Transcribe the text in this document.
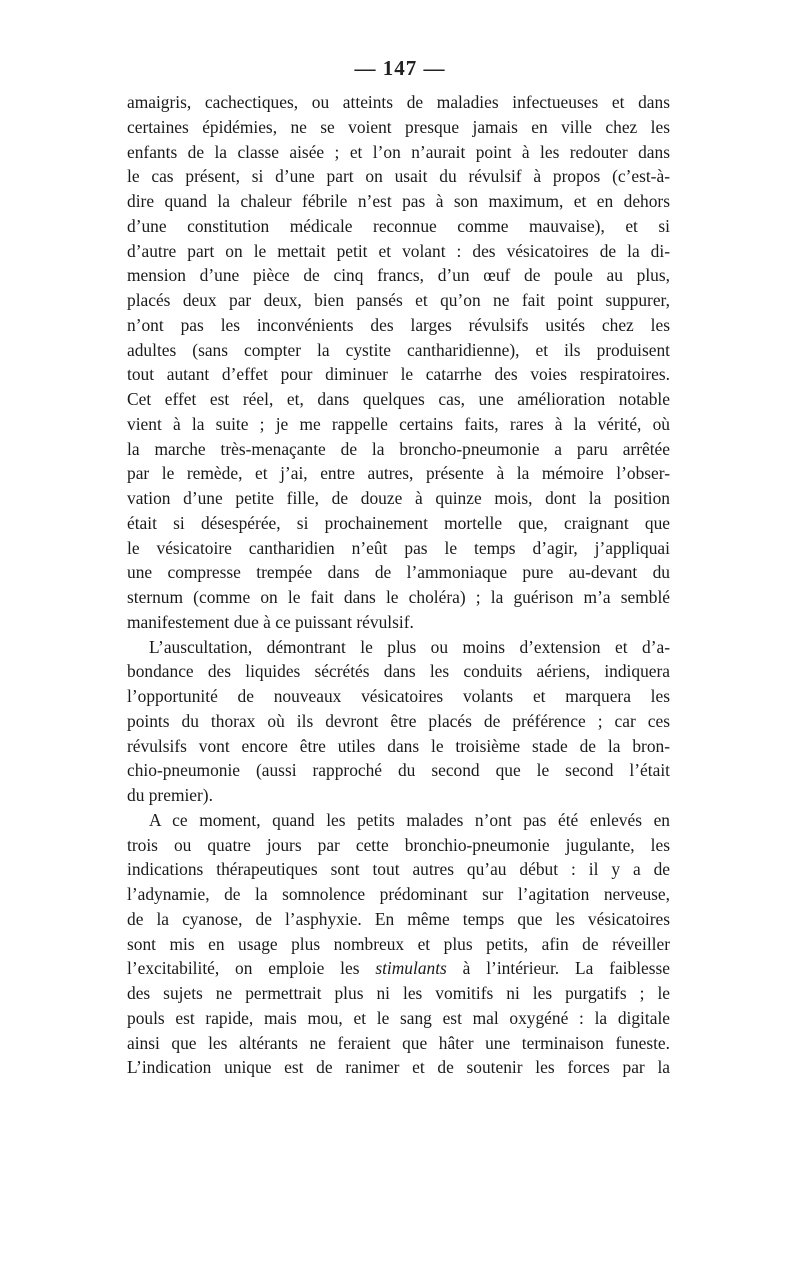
— 147 —
amaigris, cachectiques, ou atteints de maladies infectueuses et dans
certaines épidémies, ne se voient presque jamais en ville chez les
enfants de la classe aisée ; et l’on n’aurait point à les redouter dans
le cas présent, si d’une part on usait du révulsif à propos (c’est-à-
dire quand la chaleur fébrile n’est pas à son maximum, et en dehors
d’une constitution médicale reconnue comme mauvaise), et si
d’autre part on le mettait petit et volant : des vésicatoires de la di-
mension d’une pièce de cinq francs, d’un œuf de poule au plus,
placés deux par deux, bien pansés et qu’on ne fait point suppurer,
n’ont pas les inconvénients des larges révulsifs usités chez les
adultes (sans compter la cystite cantharidienne), et ils produisent
tout autant d’effet pour diminuer le catarrhe des voies respiratoires.
Cet effet est réel, et, dans quelques cas, une amélioration notable
vient à la suite ; je me rappelle certains faits, rares à la vérité, où
la marche très-menaçante de la broncho-pneumonie a paru arrêtée
par le remède, et j’ai, entre autres, présente à la mémoire l’obser-
vation d’une petite fille, de douze à quinze mois, dont la position
était si désespérée, si prochainement mortelle que, craignant que
le vésicatoire cantharidien n’eût pas le temps d’agir, j’appliquai
une compresse trempée dans de l’ammoniaque pure au-devant du
sternum (comme on le fait dans le choléra) ; la guérison m’a semblé
manifestement due à ce puissant révulsif.
L’auscultation, démontrant le plus ou moins d’extension et d’a-
bondance des liquides sécrétés dans les conduits aériens, indiquera
l’opportunité de nouveaux vésicatoires volants et marquera les
points du thorax où ils devront être placés de préférence ; car ces
révulsifs vont encore être utiles dans le troisième stade de la bron-
chio-pneumonie (aussi rapproché du second que le second l’était
du premier).
A ce moment, quand les petits malades n’ont pas été enlevés en
trois ou quatre jours par cette bronchio-pneumonie jugulante, les
indications thérapeutiques sont tout autres qu’au début : il y a de
l’adynamie, de la somnolence prédominant sur l’agitation nerveuse,
de la cyanose, de l’asphyxie. En même temps que les vésicatoires
sont mis en usage plus nombreux et plus petits, afin de réveiller
l’excitabilité, on emploie les stimulants à l’intérieur. La faiblesse
des sujets ne permettrait plus ni les vomitifs ni les purgatifs ; le
pouls est rapide, mais mou, et le sang est mal oxygéné : la digitale
ainsi que les altérants ne feraient que hâter une terminaison funeste.
L’indication unique est de ranimer et de soutenir les forces par la
